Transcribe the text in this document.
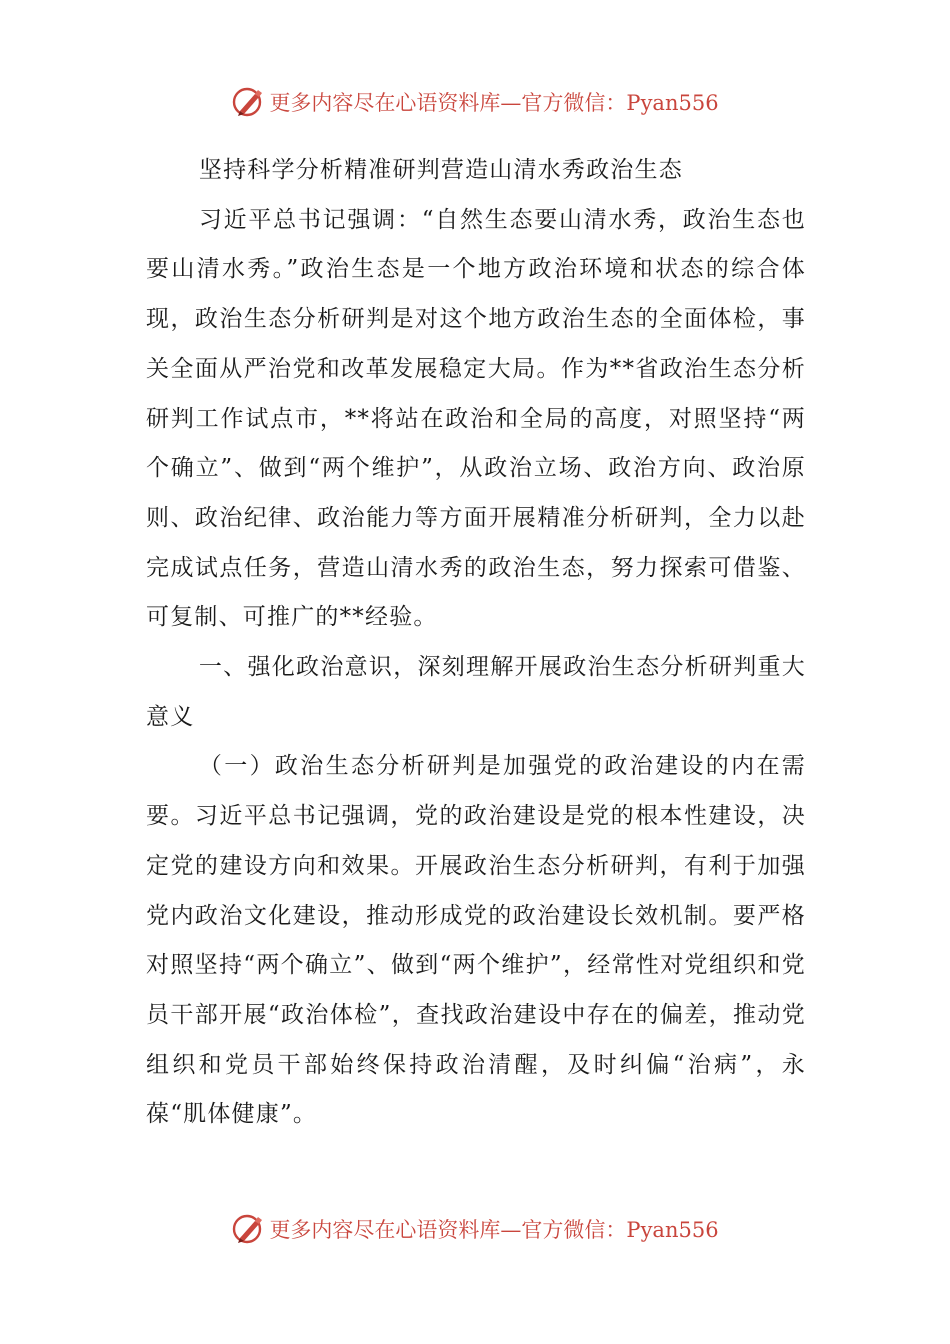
更多内容尽在心语资料库—官方微信：Pyan556

坚持科学分析精准研判营造山清水秀政治生态

习近平总书记强调：“自然生态要山清水秀，政治生态也要山清水秀。”政治生态是一个地方政治环境和状态的综合体现，政治生态分析研判是对这个地方政治生态的全面体检，事关全面从严治党和改革发展稳定大局。作为**省政治生态分析研判工作试点市，**将站在政治和全局的高度，对照坚持“两个确立”、做到“两个维护”，从政治立场、政治方向、政治原则、政治纪律、政治能力等方面开展精准分析研判，全力以赴完成试点任务，营造山清水秀的政治生态，努力探索可借鉴、可复制、可推广的**经验。

一、强化政治意识，深刻理解开展政治生态分析研判重大意义

（一）政治生态分析研判是加强党的政治建设的内在需要。习近平总书记强调，党的政治建设是党的根本性建设，决定党的建设方向和效果。开展政治生态分析研判，有利于加强党内政治文化建设，推动形成党的政治建设长效机制。要严格对照坚持“两个确立”、做到“两个维护”，经常性对党组织和党员干部开展“政治体检”，查找政治建设中存在的偏差，推动党组织和党员干部始终保持政治清醒，及时纠偏“治病”，永葆“肌体健康”。

更多内容尽在心语资料库—官方微信：Pyan556
